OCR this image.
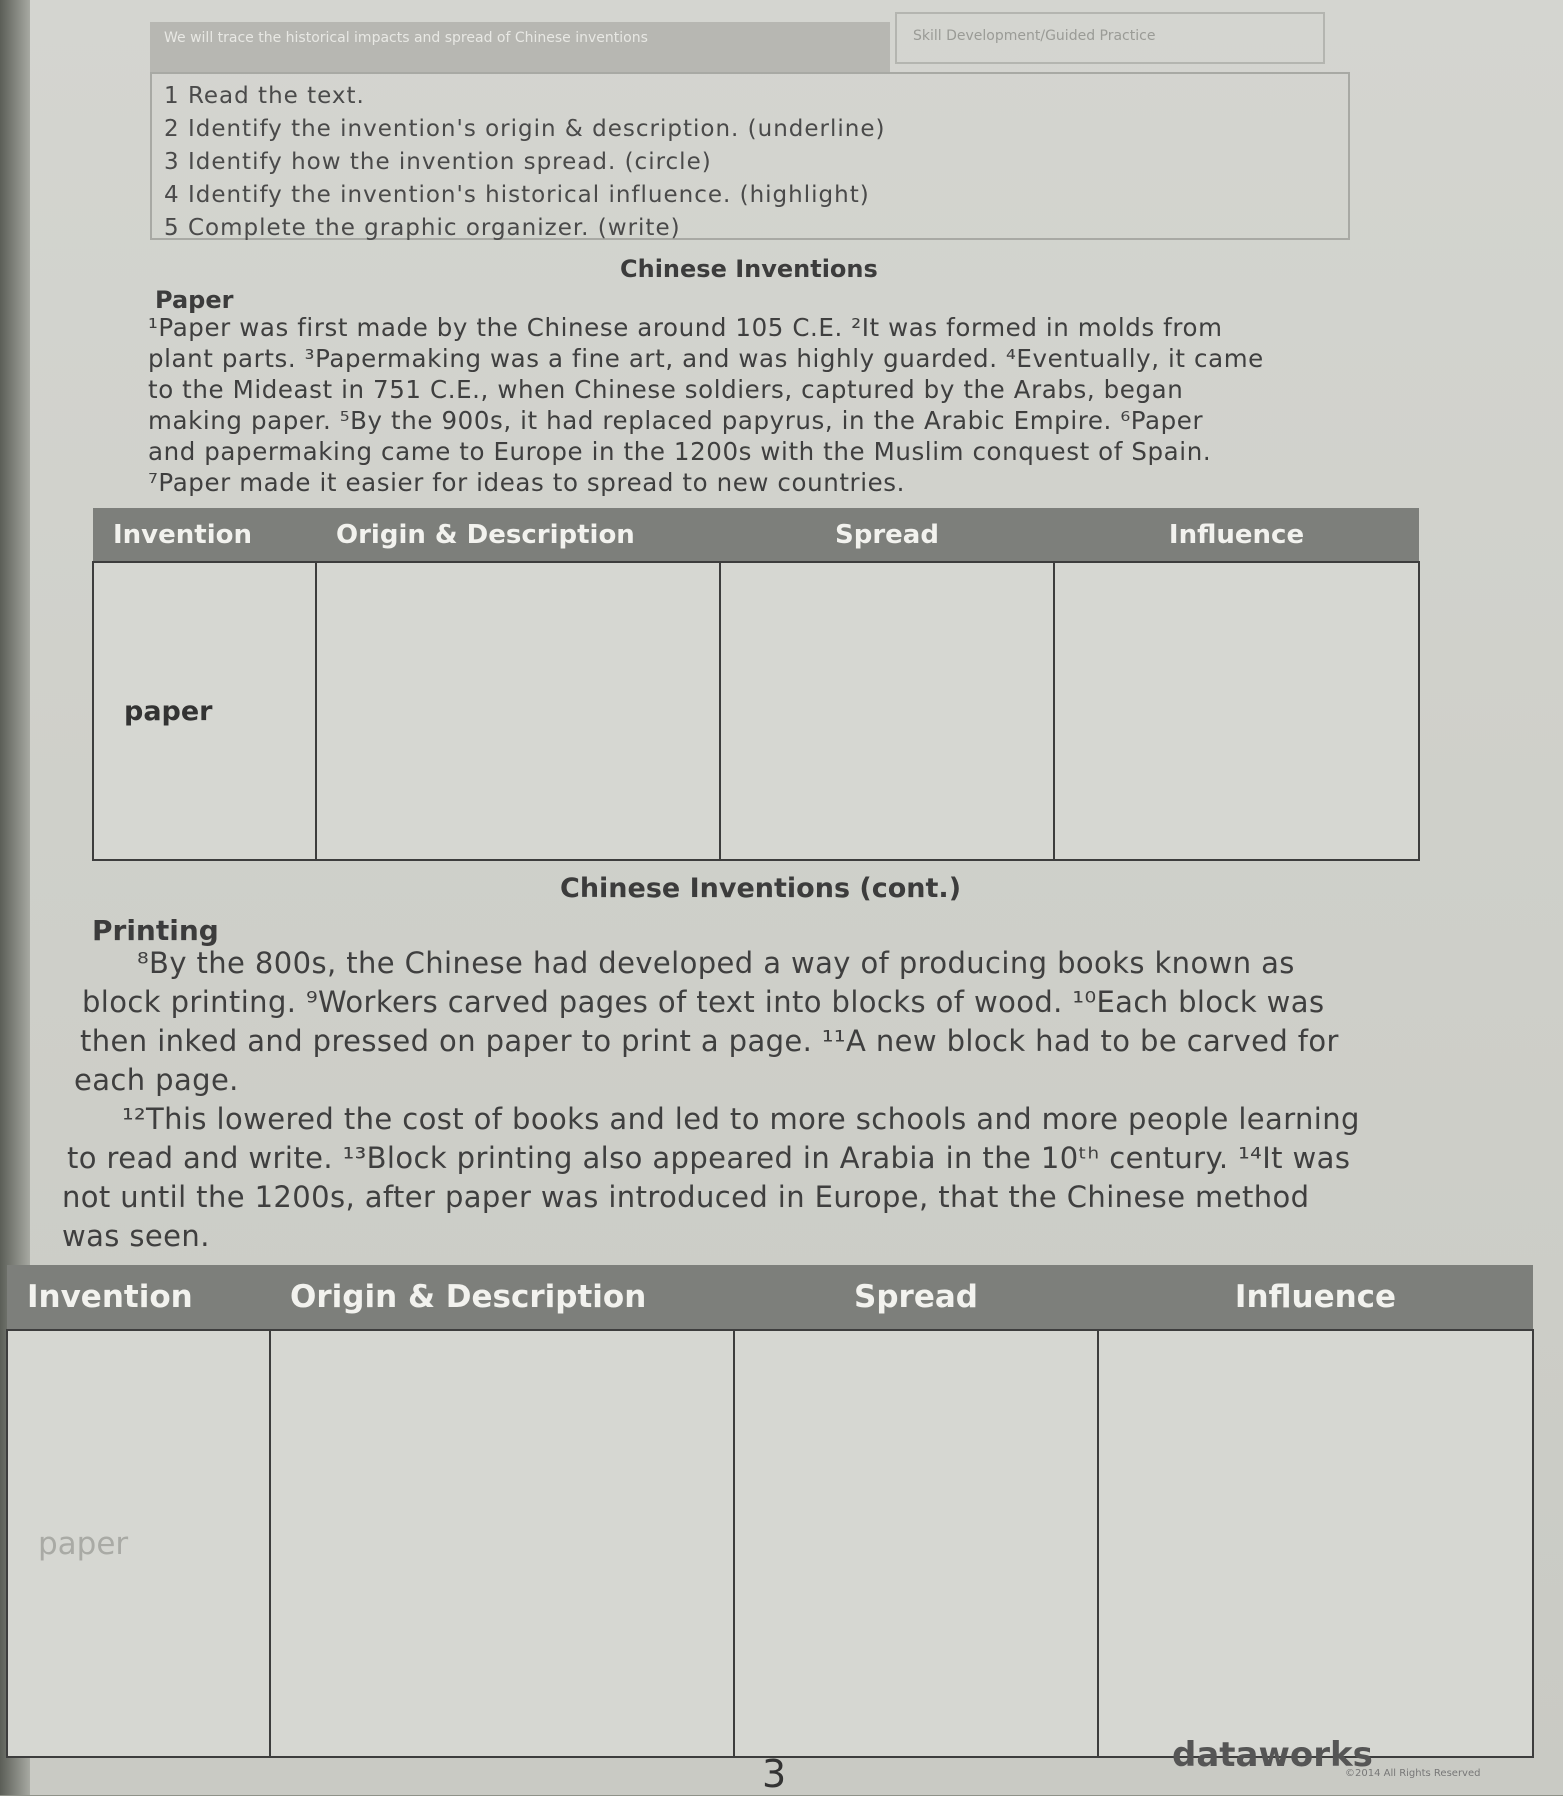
We will trace the historical impacts and spread of Chinese inventions	Skill Development/Guided Practice
1 Read the text.
2 Identify the invention's origin & description. (underline)
3 Identify how the invention spread. (circle)
4 Identify the invention's historical influence. (highlight)
5 Complete the graphic organizer. (write)
Chinese Inventions
Paper
¹Paper was first made by the Chinese around 105 C.E. ²It was formed in molds from
plant parts. ³Papermaking was a fine art, and was highly guarded. ⁴Eventually, it came
to the Mideast in 751 C.E., when Chinese soldiers, captured by the Arabs, began
making paper. ⁵By the 900s, it had replaced papyrus, in the Arabic Empire. ⁶Paper
and papermaking came to Europe in the 1200s with the Muslim conquest of Spain.
⁷Paper made it easier for ideas to spread to new countries.
Invention	Origin & Description	Spread	Influence
paper			
Chinese Inventions (cont.)
Printing
⁸By the 800s, the Chinese had developed a way of producing books known as
block printing. ⁹Workers carved pages of text into blocks of wood. ¹⁰Each block was
then inked and pressed on paper to print a page. ¹¹A new block had to be carved for
each page.
¹²This lowered the cost of books and led to more schools and more people learning
to read and write. ¹³Block printing also appeared in Arabia in the 10ᵗʰ century. ¹⁴It was
not until the 1200s, after paper was introduced in Europe, that the Chinese method
was seen.
Invention	Origin & Description	Spread	Influence
paper			
3	dataworks
©2014 All Rights Reserved
